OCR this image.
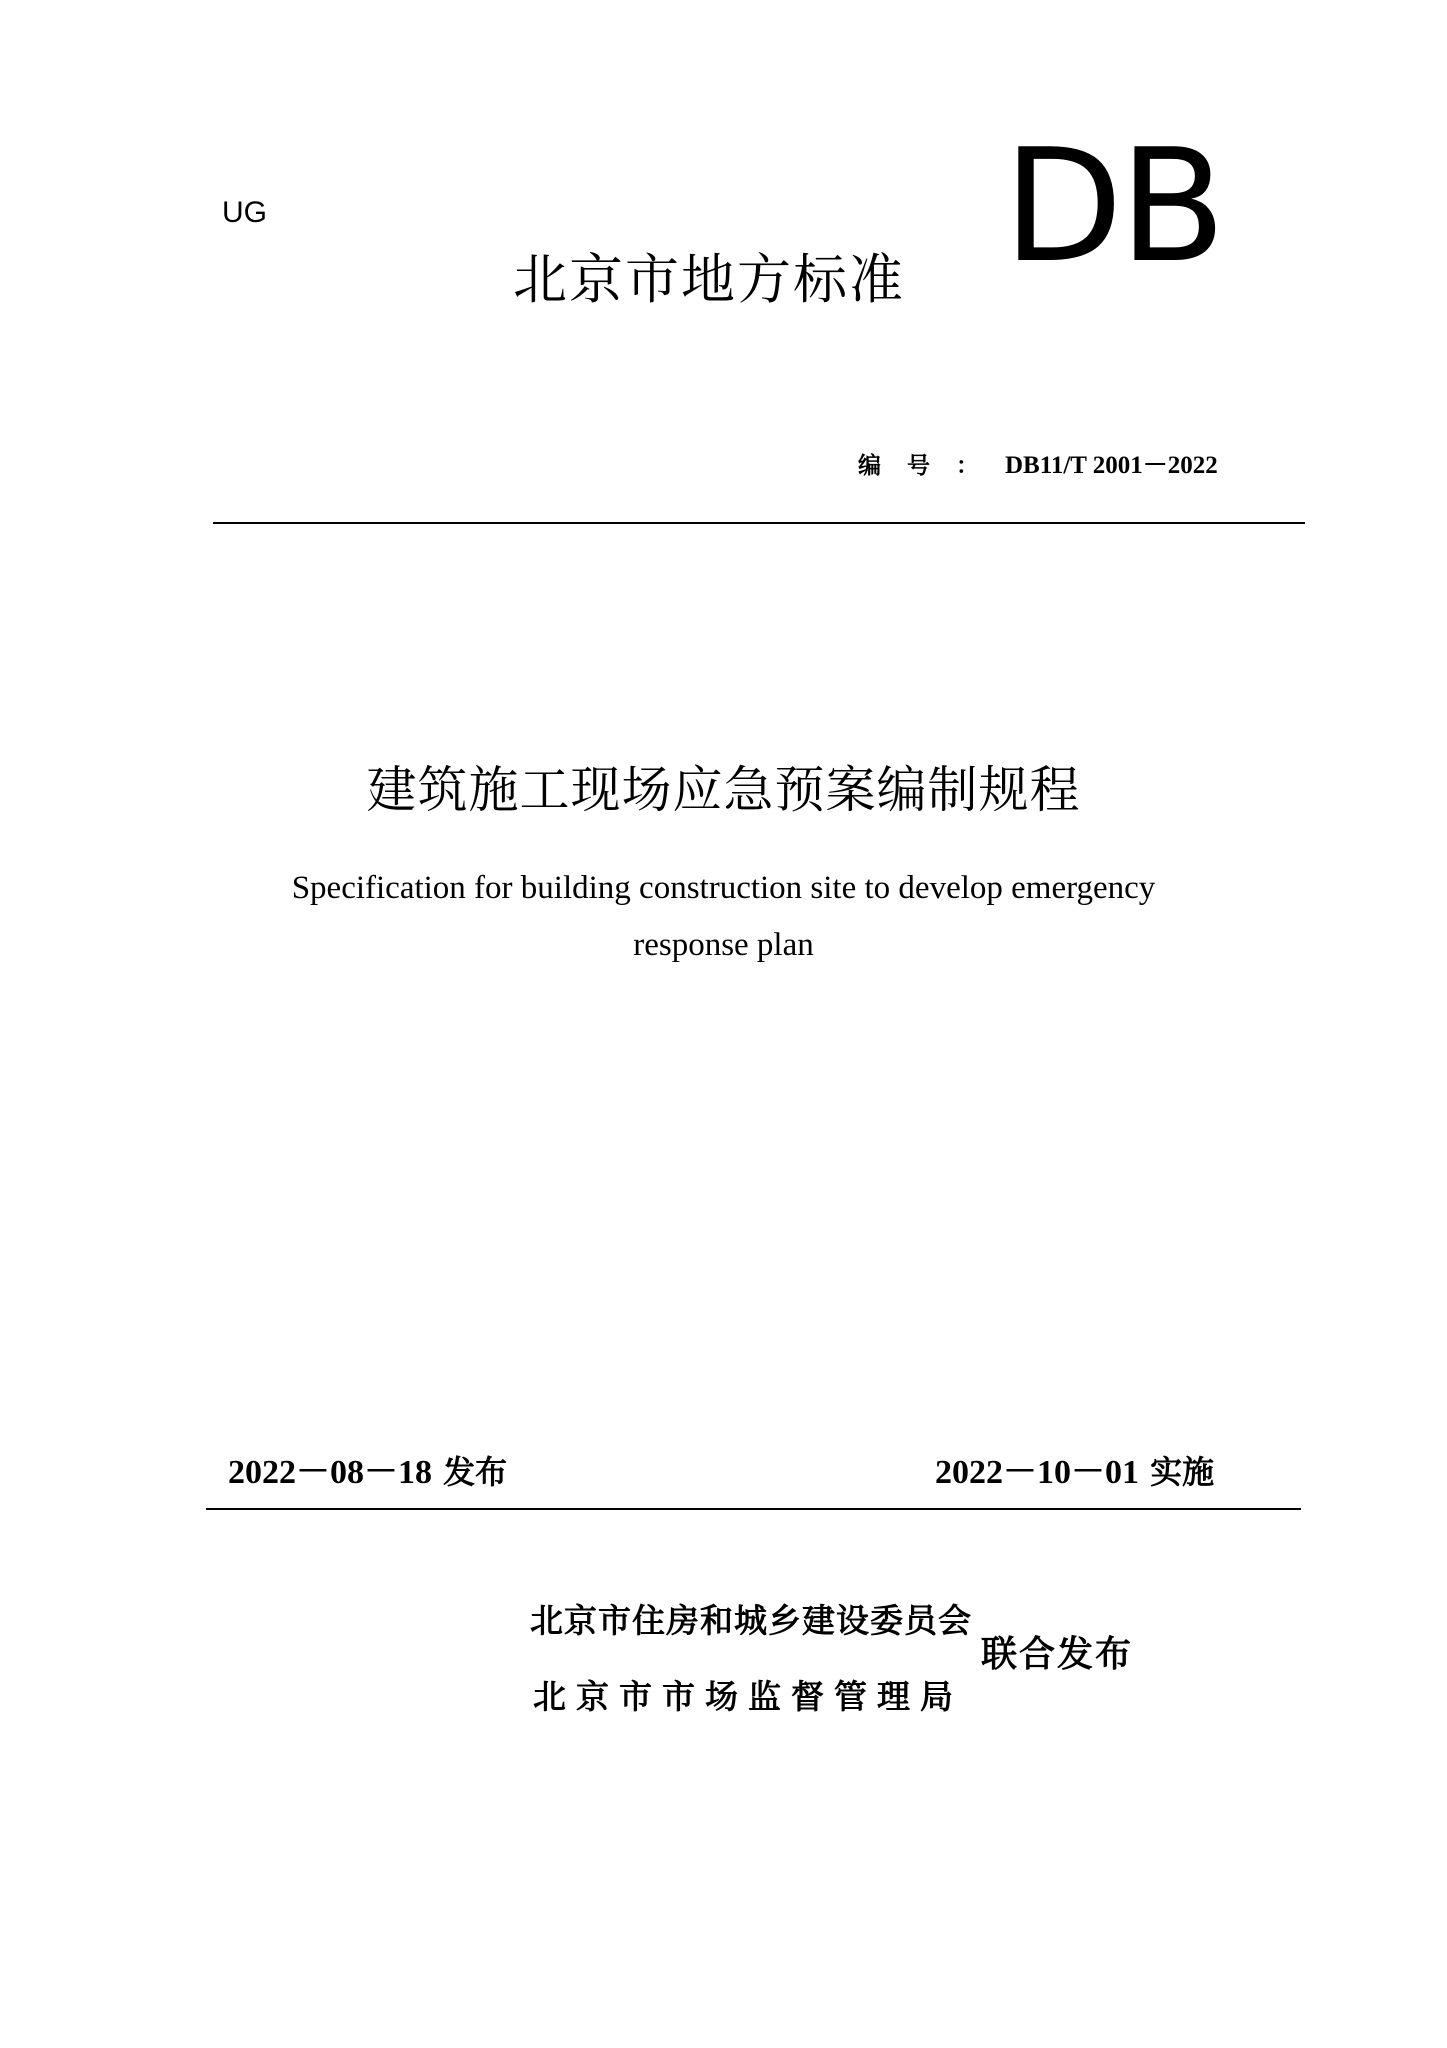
UG	DB
北京市地方标准
编号：DB11/T 2001－2022
建筑施工现场应急预案编制规程
Specification for building construction site to develop emergency
response plan
2022－08－18 发布	2022－10－01 实施
北京市住房和城乡建设委员会
北京市市场监督管理局
联合发布
